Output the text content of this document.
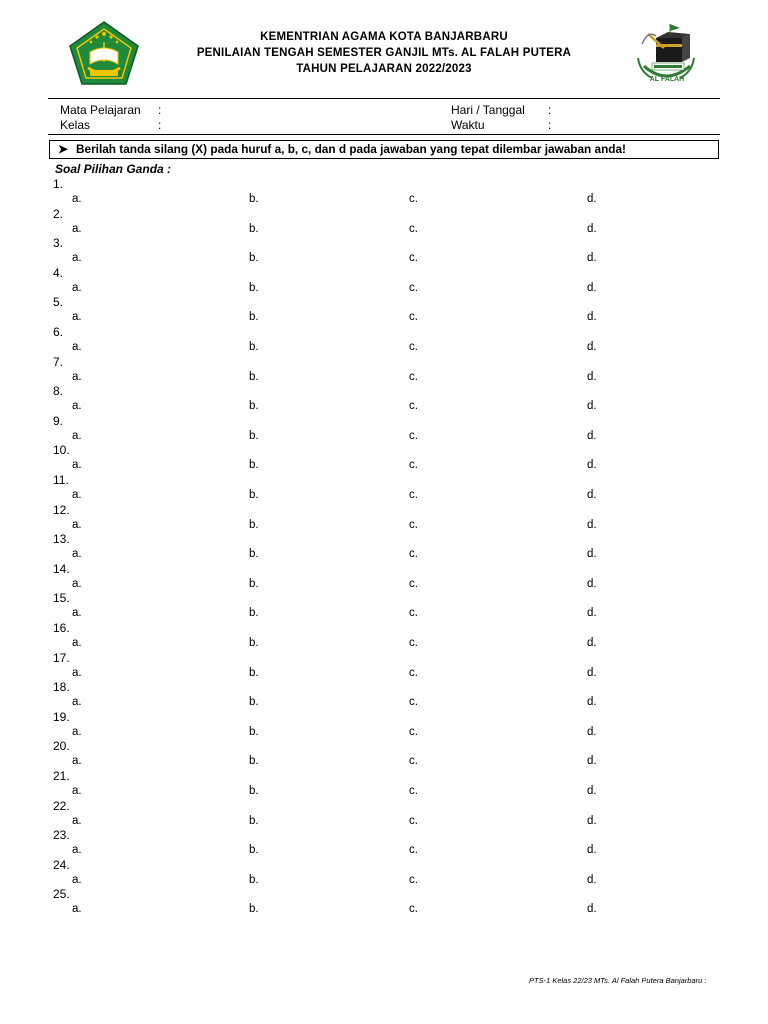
KEMENTRIAN AGAMA KOTA BANJARBARU
PENILAIAN TENGAH SEMESTER GANJIL MTs. AL FALAH PUTERA
TAHUN PELAJARAN 2022/2023
AL FALAH
Mata Pelajaran :
Kelas	:
Hari / Tanggal :
Waktu	:
➤ Berilah tanda silang (X) pada huruf a, b, c, dan d pada jawaban yang tepat dilembar jawaban anda!
Soal Pilihan Ganda :
1.
a.	b.	c.	d.
2.
a.	b.	c.	d.
3.
a.	b.	c.	d.
4.
a.	b.	c.	d.
5.
a.	b.	c.	d.
6.
a.	b.	c.	d.
7.
a.	b.	c.	d.
8.
a.	b.	c.	d.
9.
a.	b.	c.	d.
10.
a.	b.	c.	d.
11.
a.	b.	c.	d.
12.
a.	b.	c.	d.
13.
a.	b.	c.	d.
14.
a.	b.	c.	d.
15.
a.	b.	c.	d.
16.
a.	b.	c.	d.
17.
a.	b.	c.	d.
18.
a.	b.	c.	d.
19.
a.	b.	c.	d.
20.
a.	b.	c.	d.
21.
a.	b.	c.	d.
22.
a.	b.	c.	d.
23.
a.	b.	c.	d.
24.
a.	b.	c.	d.
25.
a.	b.	c.	d.
PTS-1 Kelas 22/23 MTs. Al Falah Putera Banjarbaru :
